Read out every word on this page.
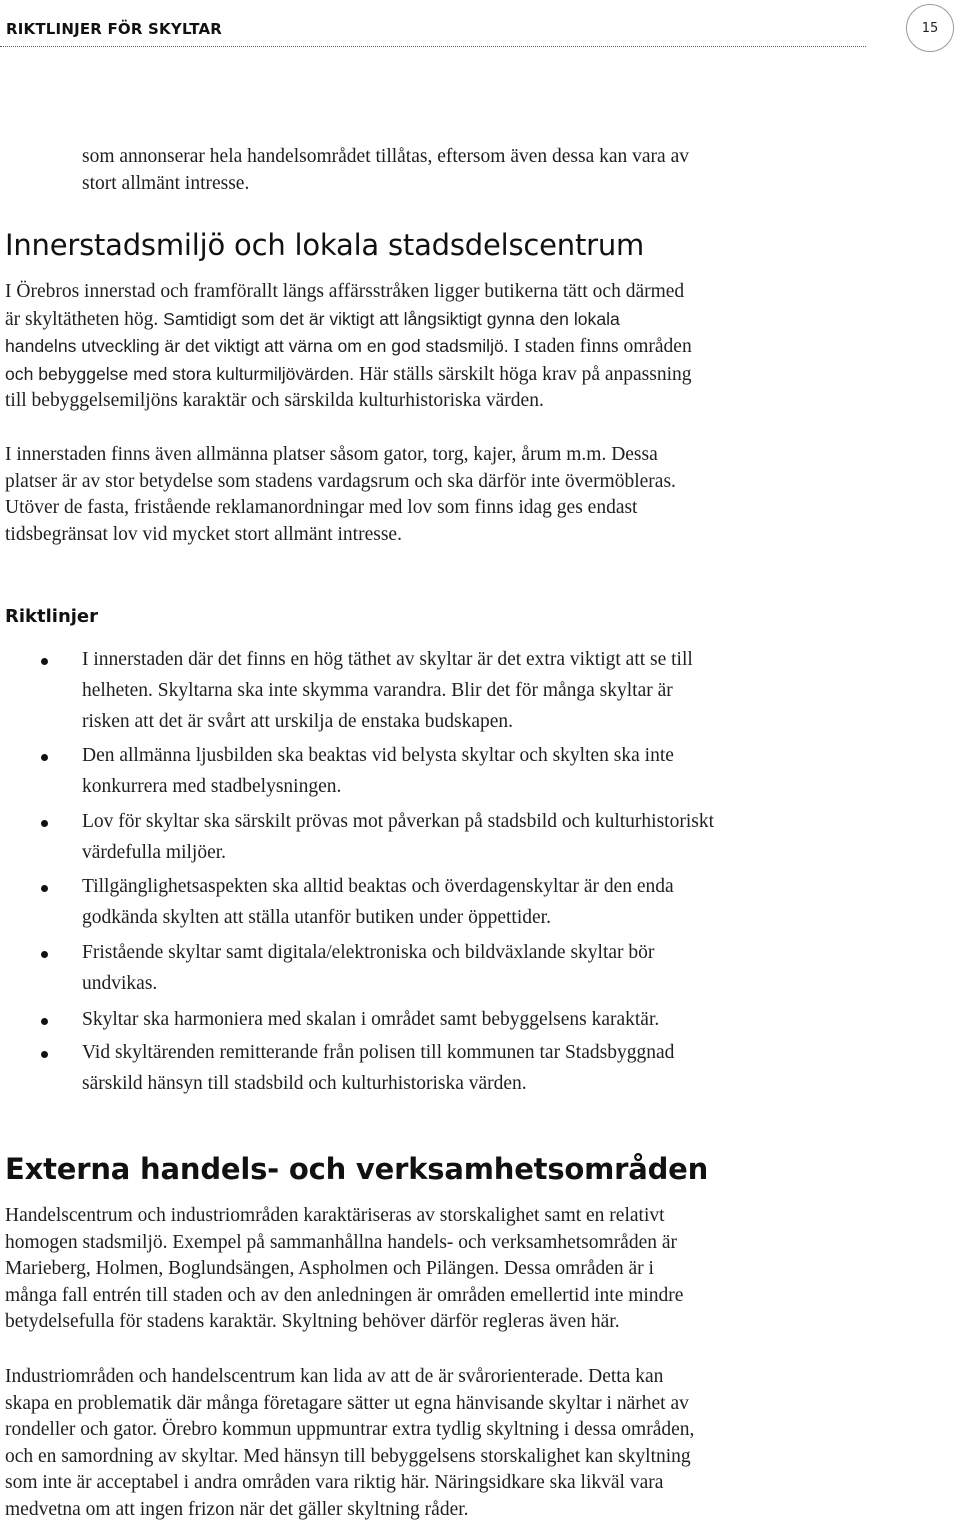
RIKTLINJER FÖR SKYLTAR	15
som annonserar hela handelsområdet tillåtas, eftersom även dessa kan vara av
stort allmänt intresse.
Innerstadsmiljö och lokala stadsdelscentrum
I Örebros innerstad och framförallt längs affärsstråken ligger butikerna tätt och därmed
är skyltätheten hög. Samtidigt som det är viktigt att långsiktigt gynna den lokala
handelns utveckling är det viktigt att värna om en god stadsmiljö. I staden finns områden
och bebyggelse med stora kulturmiljövärden. Här ställs särskilt höga krav på anpassning
till bebyggelsemiljöns karaktär och särskilda kulturhistoriska värden.
I innerstaden finns även allmänna platser såsom gator, torg, kajer, årum m.m. Dessa
platser är av stor betydelse som stadens vardagsrum och ska därför inte övermöbleras.
Utöver de fasta, fristående reklamanordningar med lov som finns idag ges endast
tidsbegränsat lov vid mycket stort allmänt intresse.
Riktlinjer
I innerstaden där det finns en hög täthet av skyltar är det extra viktigt att se till
helheten. Skyltarna ska inte skymma varandra. Blir det för många skyltar är
risken att det är svårt att urskilja de enstaka budskapen.
Den allmänna ljusbilden ska beaktas vid belysta skyltar och skylten ska inte
konkurrera med stadbelysningen.
Lov för skyltar ska särskilt prövas mot påverkan på stadsbild och kulturhistoriskt
värdefulla miljöer.
Tillgänglighetsaspekten ska alltid beaktas och överdagenskyltar är den enda
godkända skylten att ställa utanför butiken under öppettider.
Fristående skyltar samt digitala/elektroniska och bildväxlande skyltar bör
undvikas.
Skyltar ska harmoniera med skalan i området samt bebyggelsens karaktär.
Vid skyltärenden remitterande från polisen till kommunen tar Stadsbyggnad
särskild hänsyn till stadsbild och kulturhistoriska värden.
Externa handels- och verksamhetsområden
Handelscentrum och industriområden karaktäriseras av storskalighet samt en relativt
homogen stadsmiljö. Exempel på sammanhållna handels- och verksamhetsområden är
Marieberg, Holmen, Boglundsängen, Aspholmen och Pilängen. Dessa områden är i
många fall entrén till staden och av den anledningen är områden emellertid inte mindre
betydelsefulla för stadens karaktär. Skyltning behöver därför regleras även här.
Industriområden och handelscentrum kan lida av att de är svårorienterade. Detta kan
skapa en problematik där många företagare sätter ut egna hänvisande skyltar i närhet av
rondeller och gator. Örebro kommun uppmuntrar extra tydlig skyltning i dessa områden,
och en samordning av skyltar. Med hänsyn till bebyggelsens storskalighet kan skyltning
som inte är acceptabel i andra områden vara riktig här. Näringsidkare ska likväl vara
medvetna om att ingen frizon när det gäller skyltning råder.
